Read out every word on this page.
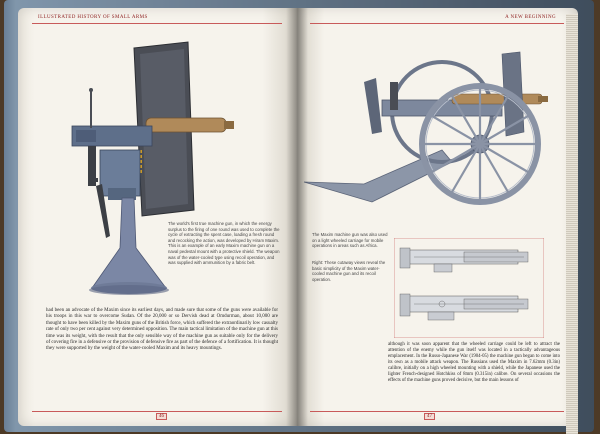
ILLUSTRATED HISTORY OF SMALL ARMS
The world's first true machine gun, in which the energy surplus to the firing of one round was used to complete the cycle of extracting the spent case, loading a fresh round and recocking the action, was developed by Hiram Maxim. This is an example of an early Maxim machine gun on a naval pedestal mount with a protective shield. The weapon was of the water-cooled type using recoil operation, and was supplied with ammunition by a fabric belt.
had been an advocate of the Maxim since its earliest days, and made sure that some of the guns were available for his troops in this war to overcome Sudan. Of the 20,000 or so Dervish dead at Omdurman, about 10,000 are thought to have been killed by the Maxim guns of the British force, which suffered the extraordinarily low casualty rate of only two per cent against very determined opposition. The main tactical limitation of the machine gun at this time was its weight, with the result that the only sensible way of the machine gun as suitable only for the delivery of covering fire in a defensive or the provision of defensive fire as part of the defence of a fortification. It is thought they were supported by the weight of the water-cooled Maxim and its heavy mountings.
46
A NEW BEGINNING
The Maxim machine gun was also used on a light wheeled carriage for mobile operations in areas such as Africa.
Right: These cutaway views reveal the basic simplicity of the Maxim water-cooled machine gun and its recoil operation.
although it was soon apparent that the wheeled carriage could be left to attract the attention of the enemy while the gun itself was located in a tactically advantageous emplacement. In the Russo-Japanese War (1904-05) the machine gun began to come into its own as a mobile attack weapon. The Russians used the Maxim in 7.62mm (0.3in) calibre, initially on a high wheeled mounting with a shield, while the Japanese used the lighter French-designed Hotchkiss of 8mm (0.315in) calibre. On several occasions the effects of the machine guns proved decisive, but the main lessons of
47
